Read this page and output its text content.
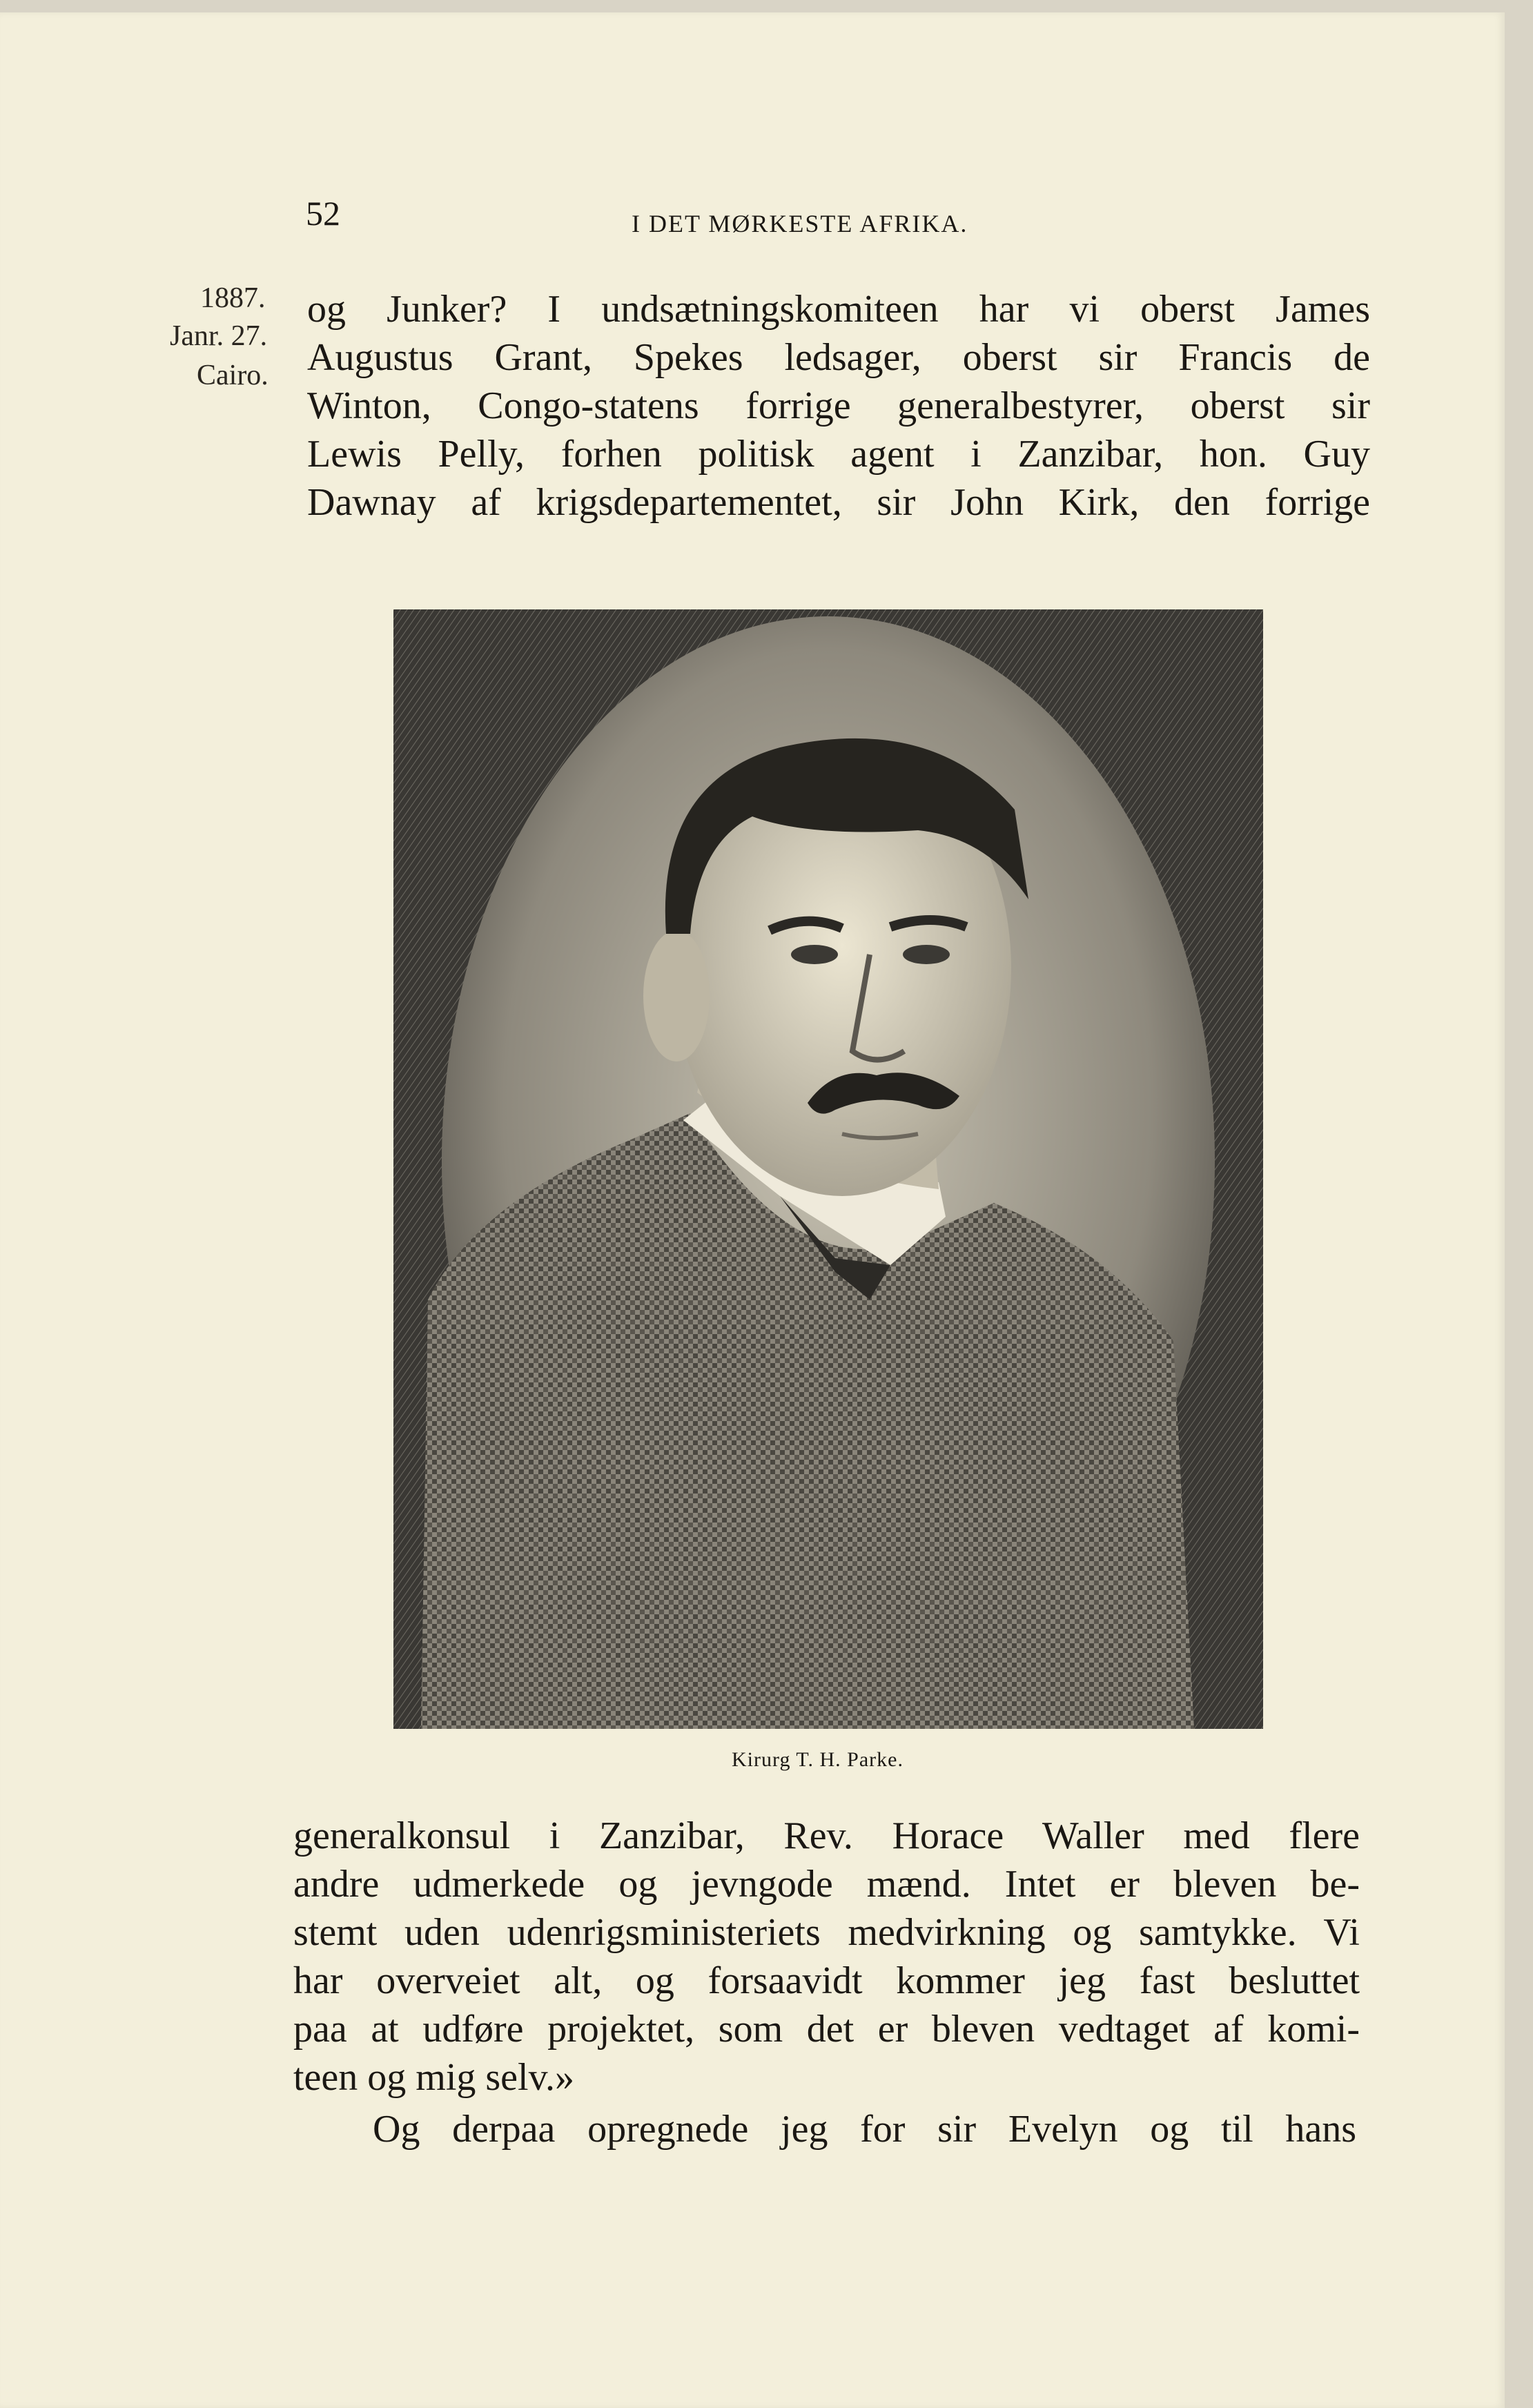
52	I DET MØRKESTE AFRIKA.
1887.
Janr. 27.
Cairo.
og Junker? I undsætningskomiteen har vi oberst James
Augustus Grant, Spekes ledsager, oberst sir Francis de
Winton, Congo-statens forrige generalbestyrer, oberst sir
Lewis Pelly, forhen politisk agent i Zanzibar, hon. Guy
Dawnay af krigsdepartementet, sir John Kirk, den forrige
Kirurg T. H. Parke.
generalkonsul i Zanzibar, Rev. Horace Waller med flere
andre udmerkede og jevngode mænd. Intet er bleven be-
stemt uden udenrigsministeriets medvirkning og samtykke. Vi
har overveiet alt, og forsaavidt kommer jeg fast besluttet
paa at udføre projektet, som det er bleven vedtaget af komi-
teen og mig selv.»
Og derpaa opregnede jeg for sir Evelyn og til hans
